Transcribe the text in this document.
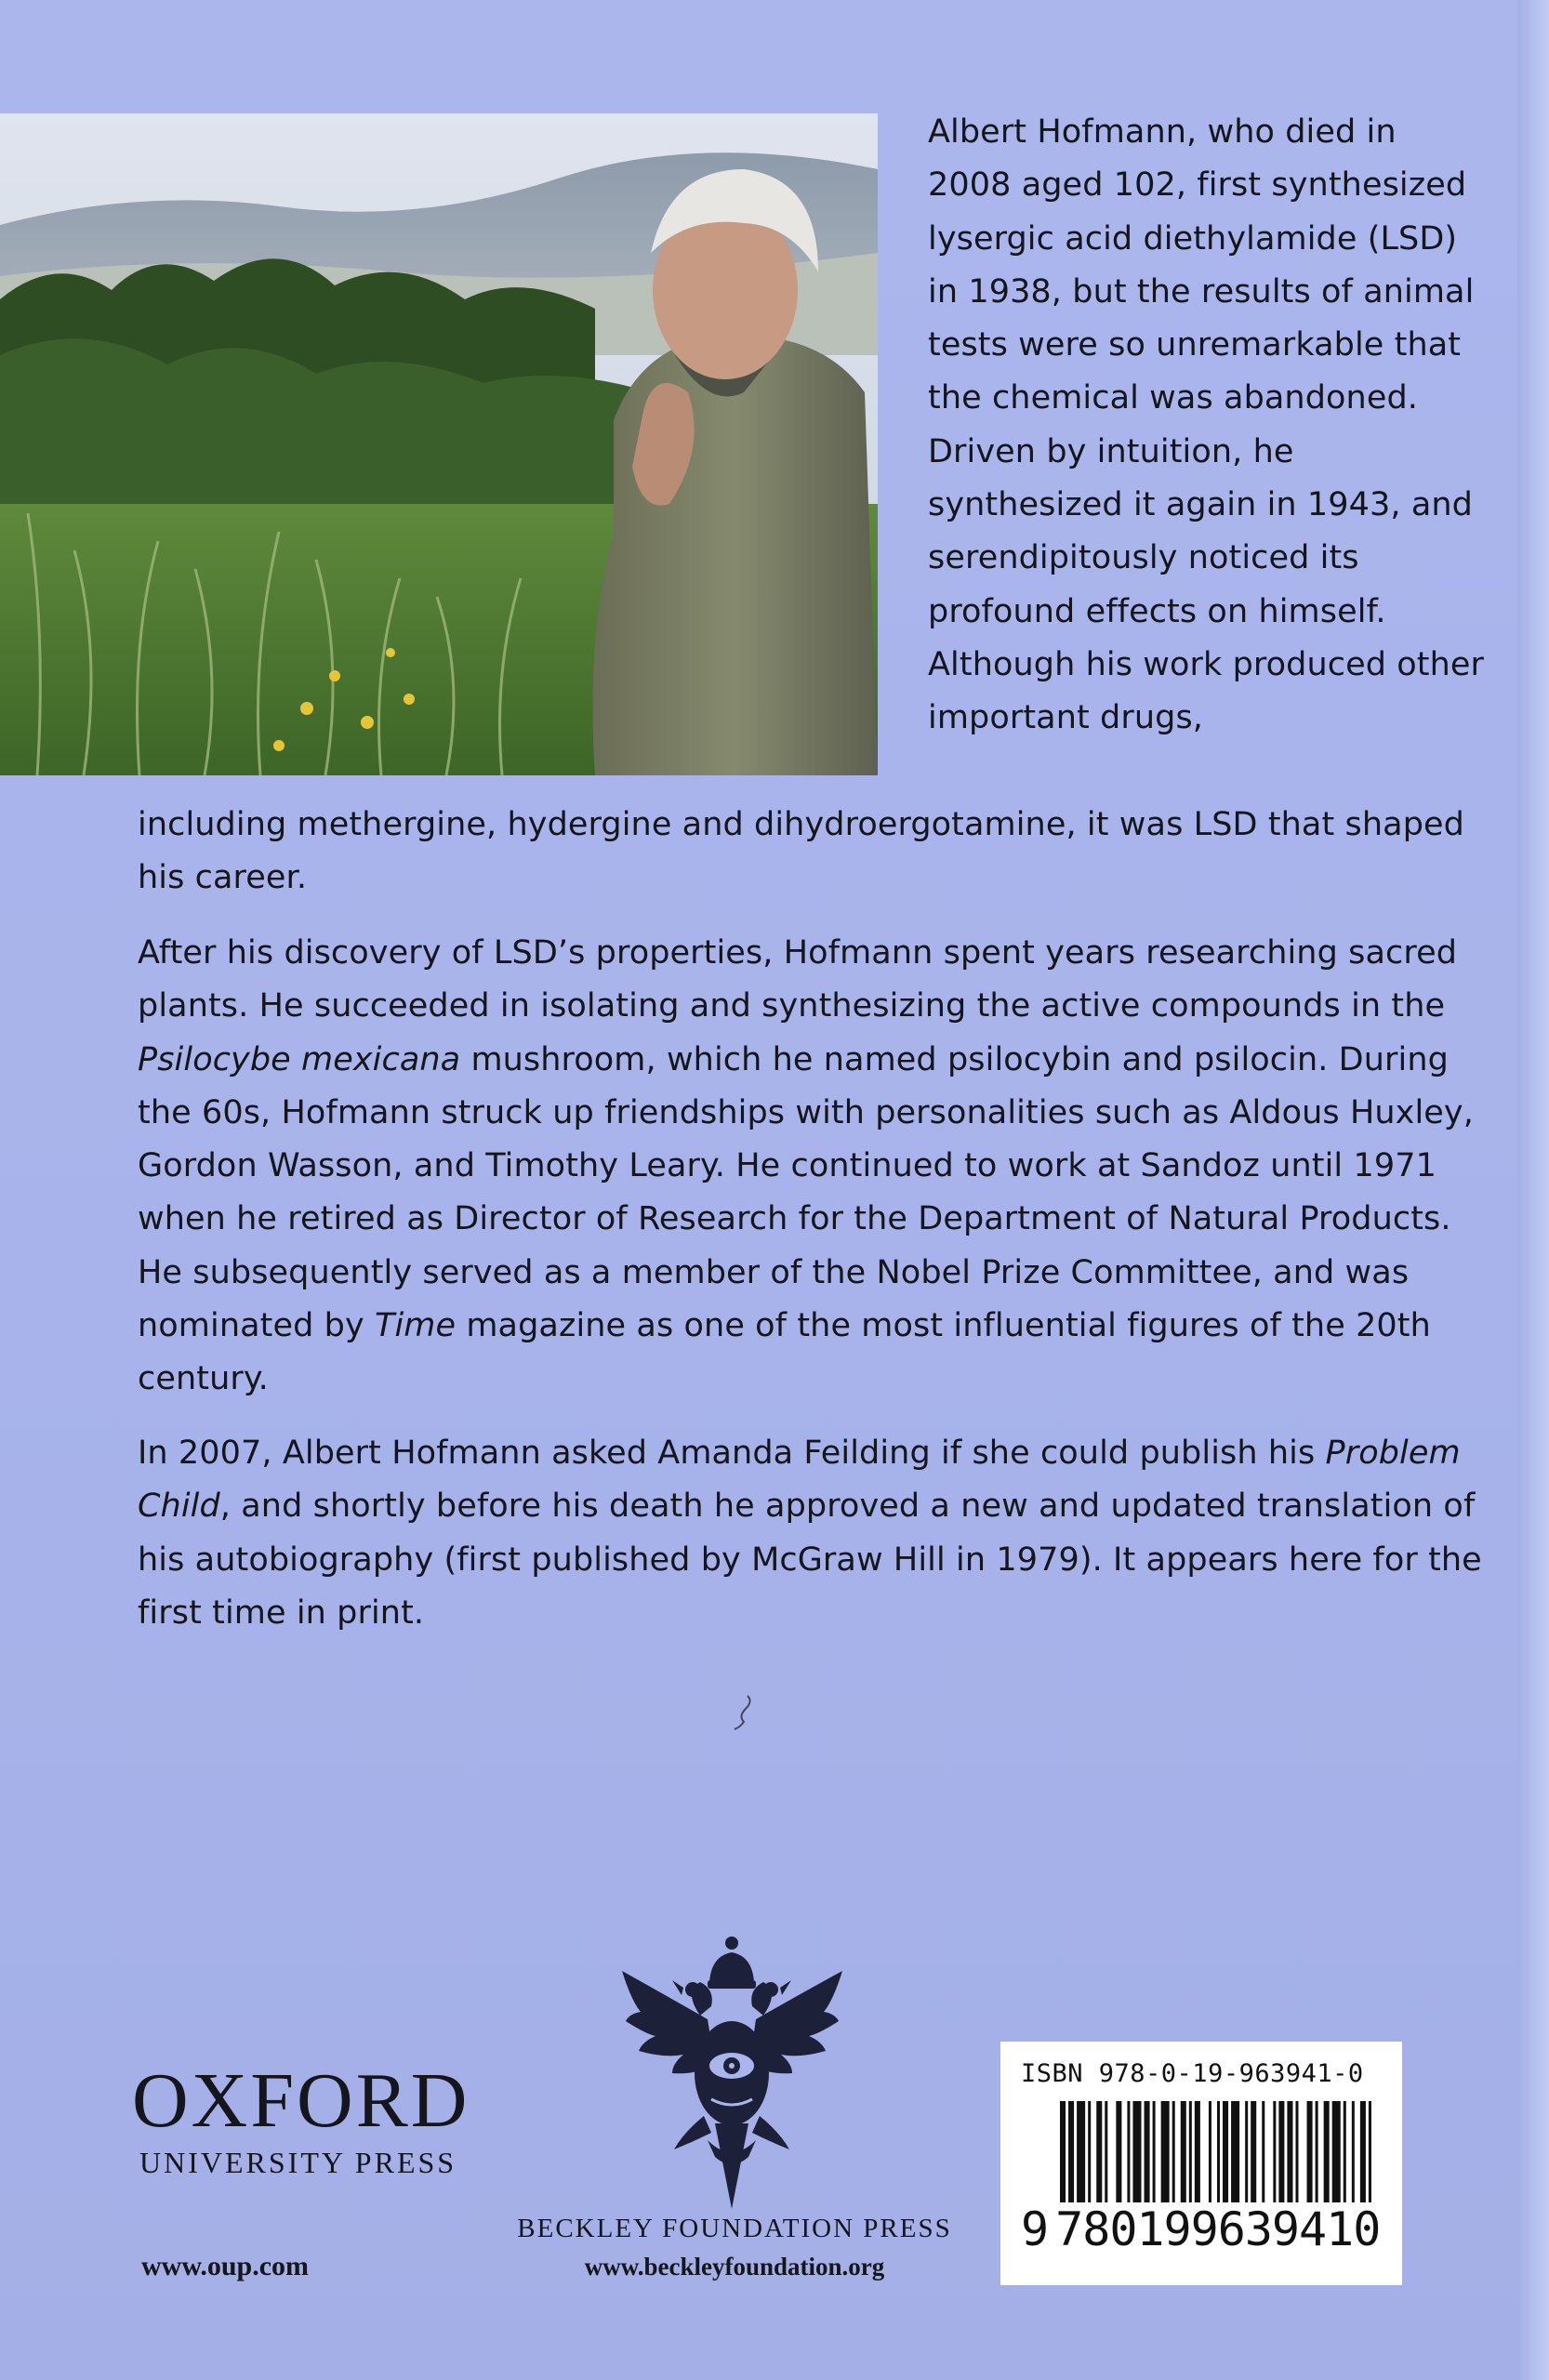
Albert Hofmann, who died in 2008 aged 102, first synthesized lysergic acid diethylamide (LSD) in 1938, but the results of animal tests were so unremarkable that the chemical was abandoned. Driven by intuition, he synthesized it again in 1943, and serendipitously noticed its profound effects on himself. Although his work produced other important drugs,

including methergine, hydergine and dihydroergotamine, it was LSD that shaped his career.

After his discovery of LSD’s properties, Hofmann spent years researching sacred plants. He succeeded in isolating and synthesizing the active compounds in the Psilocybe mexicana mushroom, which he named psilocybin and psilocin. During the 60s, Hofmann struck up friendships with personalities such as Aldous Huxley, Gordon Wasson, and Timothy Leary. He continued to work at Sandoz until 1971 when he retired as Director of Research for the Department of Natural Products. He subsequently served as a member of the Nobel Prize Committee, and was nominated by Time magazine as one of the most influential figures of the 20th century.

In 2007, Albert Hofmann asked Amanda Feilding if she could publish his Problem Child, and shortly before his death he approved a new and updated translation of his autobiography (first published by McGraw Hill in 1979). It appears here for the first time in print.

OXFORD

UNIVERSITY PRESS

www.oup.com

BECKLEY FOUNDATION PRESS

www.beckleyfoundation.org

ISBN 978-0-19-963941-0

9 780199639410
